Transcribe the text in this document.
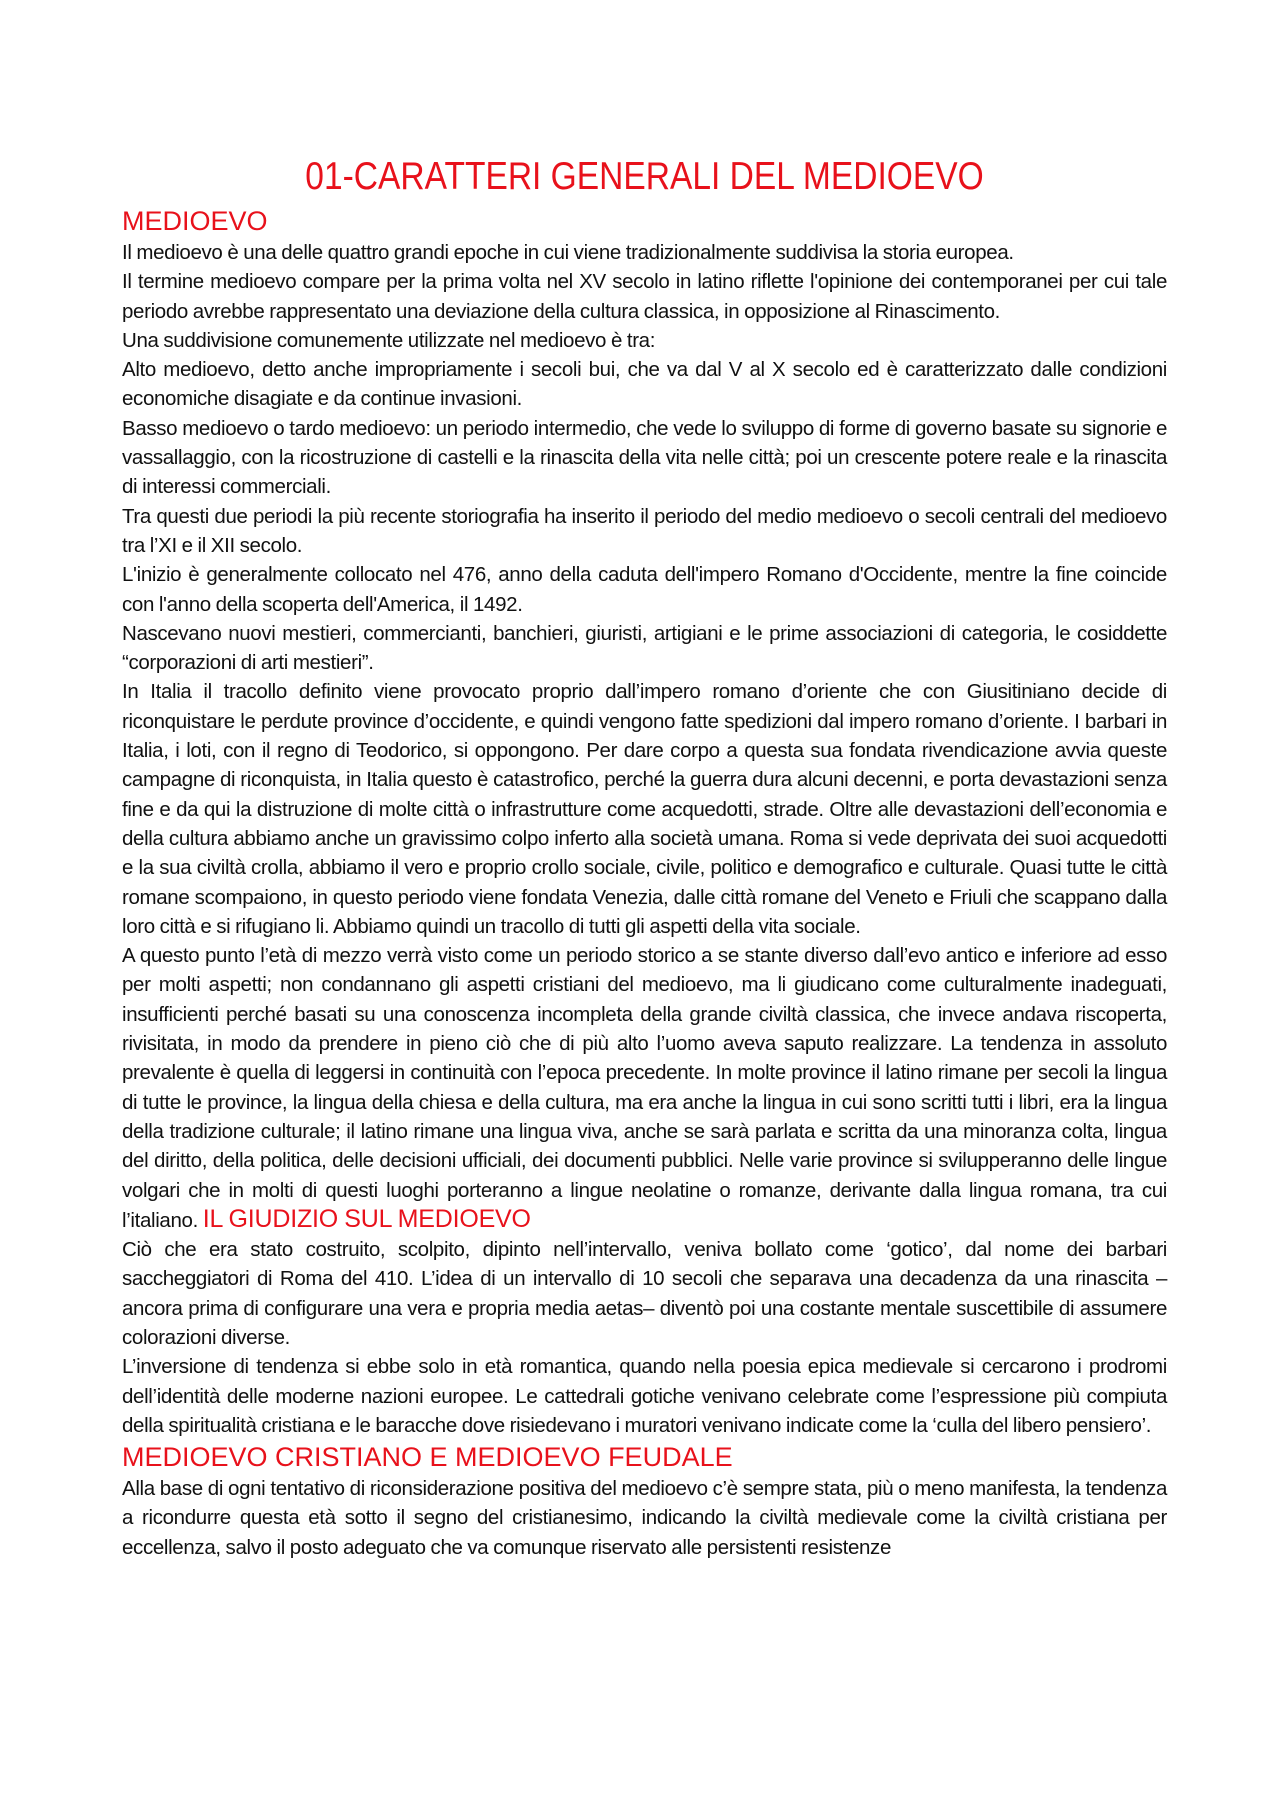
01-CARATTERI GENERALI DEL MEDIOEVO
MEDIOEVO

Il medioevo è una delle quattro grandi epoche in cui viene tradizionalmente suddivisa la storia europea.

Il termine medioevo compare per la prima volta nel XV secolo in latino riflette l'opinione dei contemporanei per cui tale periodo avrebbe rappresentato una deviazione della cultura classica, in opposizione al Rinascimento.

Una suddivisione comunemente utilizzate nel medioevo è tra:

Alto medioevo, detto anche impropriamente i secoli bui, che va dal V al X secolo ed è caratterizzato dalle condizioni economiche disagiate e da continue invasioni.

Basso medioevo o tardo medioevo: un periodo intermedio, che vede lo sviluppo di forme di governo basate su signorie e vassallaggio, con la ricostruzione di castelli e la rinascita della vita nelle città; poi un crescente potere reale e la rinascita di interessi commerciali.

Tra questi due periodi la più recente storiografia ha inserito il periodo del medio medioevo o secoli centrali del medioevo tra l’XI e il XII secolo.

L'inizio è generalmente collocato nel 476, anno della caduta dell'impero Romano d'Occidente, mentre la fine coincide con l'anno della scoperta dell'America, il 1492.

Nascevano nuovi mestieri, commercianti, banchieri, giuristi, artigiani e le prime associazioni di categoria, le cosiddette “corporazioni di arti mestieri”.

In Italia il tracollo definito viene provocato proprio dall’impero romano d’oriente che con Giusitiniano decide di riconquistare le perdute province d’occidente, e quindi vengono fatte spedizioni dal impero romano d’oriente. I barbari in Italia, i loti, con il regno di Teodorico, si oppongono. Per dare corpo a questa sua fondata rivendicazione avvia queste campagne di riconquista, in Italia questo è catastrofico, perché la guerra dura alcuni decenni, e porta devastazioni senza fine e da qui la distruzione di molte città o infrastrutture come acquedotti, strade. Oltre alle devastazioni dell’economia e della cultura abbiamo anche un gravissimo colpo inferto alla società umana. Roma si vede deprivata dei suoi acquedotti e la sua civiltà crolla, abbiamo il vero e proprio crollo sociale, civile, politico e demografico e culturale. Quasi tutte le città romane scompaiono, in questo periodo viene fondata Venezia, dalle città romane del Veneto e Friuli che scappano dalla loro città e si rifugiano li. Abbiamo quindi un tracollo di tutti gli aspetti della vita sociale.

A questo punto l’età di mezzo verrà visto come un periodo storico a se stante diverso dall’evo antico e inferiore ad esso per molti aspetti; non condannano gli aspetti cristiani del medioevo, ma li giudicano come culturalmente inadeguati, insufficienti perché basati su una conoscenza incompleta della grande civiltà classica, che invece andava riscoperta, rivisitata, in modo da prendere in pieno ciò che di più alto l’uomo aveva saputo realizzare. La tendenza in assoluto prevalente è quella di leggersi in continuità con l’epoca precedente. In molte province il latino rimane per secoli la lingua di tutte le province, la lingua della chiesa e della cultura, ma era anche la lingua in cui sono scritti tutti i libri, era la lingua della tradizione culturale; il latino rimane una lingua viva, anche se sarà parlata e scritta da una minoranza colta, lingua del diritto, della politica, delle decisioni ufficiali, dei documenti pubblici. Nelle varie province si svilupperanno delle lingue volgari che in molti di questi luoghi porteranno a lingue neolatine o romanze, derivante dalla lingua romana, tra cui l’italiano. IL GIUDIZIO SUL MEDIOEVO

Ciò che era stato costruito, scolpito, dipinto nell’intervallo, veniva bollato come ‘gotico’, dal nome dei barbari saccheggiatori di Roma del 410. L’idea di un intervallo di 10 secoli che separava una decadenza da una rinascita – ancora prima di configurare una vera e propria media aetas– diventò poi una costante mentale suscettibile di assumere colorazioni diverse.

L’inversione di tendenza si ebbe solo in età romantica, quando nella poesia epica medievale si cercarono i prodromi dell’identità delle moderne nazioni europee. Le cattedrali gotiche venivano celebrate come l’espressione più compiuta della spiritualità cristiana e le baracche dove risiedevano i muratori venivano indicate come la ‘culla del libero pensiero’.

MEDIOEVO CRISTIANO E MEDIOEVO FEUDALE

Alla base di ogni tentativo di riconsiderazione positiva del medioevo c’è sempre stata, più o meno manifesta, la tendenza a ricondurre questa età sotto il segno del cristianesimo, indicando la civiltà medievale come la civiltà cristiana per eccellenza, salvo il posto adeguato che va comunque riservato alle persistenti resistenze
